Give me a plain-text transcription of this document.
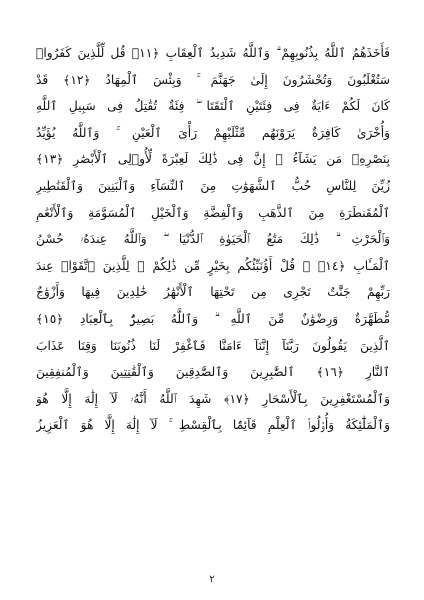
فَأَخَذَهُمُ ٱللَّهُ بِذُنُوبِهِمْ ۗ وَٱللَّهُ شَدِيدُ ٱلْعِقَابِ ﴿١١﴾ قُل لِّلَّذِينَ كَفَرُوا۟
سَتُغْلَبُونَ وَتُحْشَرُونَ إِلَىٰ جَهَنَّمَ ۚ وَبِئْسَ ٱلْمِهَادُ ﴿١٢﴾ قَدْ
كَانَ لَكُمْ ءَايَةٌ فِى فِئَتَيْنِ ٱلْتَقَتَا ۖ فِئَةٌ تُقَٰتِلُ فِى سَبِيلِ ٱللَّهِ
وَأُخْرَىٰ كَافِرَةٌ يَرَوْنَهُم مِّثْلَيْهِمْ رَأْىَ ٱلْعَيْنِ ۚ وَٱللَّهُ يُؤَيِّدُ
بِنَصْرِهِۦ مَن يَشَآءُ ۗ إِنَّ فِى ذَٰلِكَ لَعِبْرَةً لِّأُو۟لِى ٱلْأَبْصَٰرِ ﴿١٣﴾
زُيِّنَ لِلنَّاسِ حُبُّ ٱلشَّهَوَٰتِ مِنَ ٱلنِّسَآءِ وَٱلْبَنِينَ وَٱلْقَنَٰطِيرِ
ٱلْمُقَنطَرَةِ مِنَ ٱلذَّهَبِ وَٱلْفِضَّةِ وَٱلْخَيْلِ ٱلْمُسَوَّمَةِ وَٱلْأَنْعَٰمِ
وَٱلْحَرْثِ ۗ ذَٰلِكَ مَتَٰعُ ٱلْحَيَوٰةِ ٱلدُّنْيَا ۖ وَٱللَّهُ عِندَهُۥ حُسْنُ
ٱلْمَـَٔابِ ﴿١٤﴾ ۞ قُلْ أَؤُنَبِّئُكُم بِخَيْرٍ مِّن ذَٰلِكُمْ ۚ لِلَّذِينَ ٱتَّقَوْا۟ عِندَ
رَبِّهِمْ جَنَّٰتٌ تَجْرِى مِن تَحْتِهَا ٱلْأَنْهَٰرُ خَٰلِدِينَ فِيهَا وَأَزْوَٰجٌ
مُّطَهَّرَةٌ وَرِضْوَٰنٌ مِّنَ ٱللَّهِ ۗ وَٱللَّهُ بَصِيرٌۢ بِٱلْعِبَادِ ﴿١٥﴾
ٱلَّذِينَ يَقُولُونَ رَبَّنَآ إِنَّنَآ ءَامَنَّا فَٱغْفِرْ لَنَا ذُنُوبَنَا وَقِنَا عَذَابَ
ٱلنَّارِ ﴿١٦﴾ ٱلصَّٰبِرِينَ وَٱلصَّٰدِقِينَ وَٱلْقَٰنِتِينَ وَٱلْمُنفِقِينَ
وَٱلْمُسْتَغْفِرِينَ بِٱلْأَسْحَارِ ﴿١٧﴾ شَهِدَ ٱللَّهُ أَنَّهُۥ لَآ إِلَٰهَ إِلَّا هُوَ
وَٱلْمَلَٰٓئِكَةُ وَأُو۟لُوا۟ ٱلْعِلْمِ قَآئِمًۢا بِٱلْقِسْطِ ۚ لَآ إِلَٰهَ إِلَّا هُوَ ٱلْعَزِيزُ
٢
